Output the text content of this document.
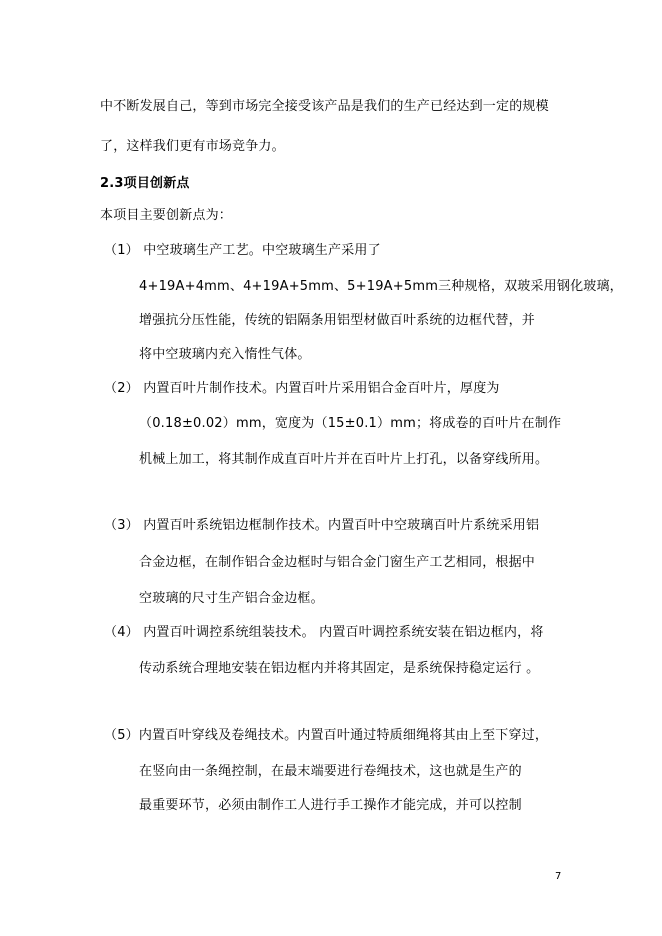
中不断发展自己，等到市场完全接受该产品是我们的生产已经达到一定的规模
了，这样我们更有市场竞争力。
2.3项目创新点
本项目主要创新点为：
（1） 中空玻璃生产工艺。中空玻璃生产采用了
4+19A+4mm、4+19A+5mm、5+19A+5mm三种规格，双玻采用钢化玻璃，
增强抗分压性能，传统的铝隔条用铝型材做百叶系统的边框代替，并
将中空玻璃内充入惰性气体。
（2） 内置百叶片制作技术。内置百叶片采用铝合金百叶片，厚度为
（0.18±0.02）mm，宽度为（15±0.1）mm；将成卷的百叶片在制作
机械上加工，将其制作成直百叶片并在百叶片上打孔，以备穿线所用。
（3） 内置百叶系统铝边框制作技术。内置百叶中空玻璃百叶片系统采用铝
合金边框，在制作铝合金边框时与铝合金门窗生产工艺相同，根据中
空玻璃的尺寸生产铝合金边框。
（4） 内置百叶调控系统组装技术。 内置百叶调控系统安装在铝边框内，将
传动系统合理地安装在铝边框内并将其固定，是系统保持稳定运行 。
（5）内置百叶穿线及卷绳技术。内置百叶通过特质细绳将其由上至下穿过，
在竖向由一条绳控制，在最末端要进行卷绳技术，这也就是生产的
最重要环节，必须由制作工人进行手工操作才能完成，并可以控制
7
